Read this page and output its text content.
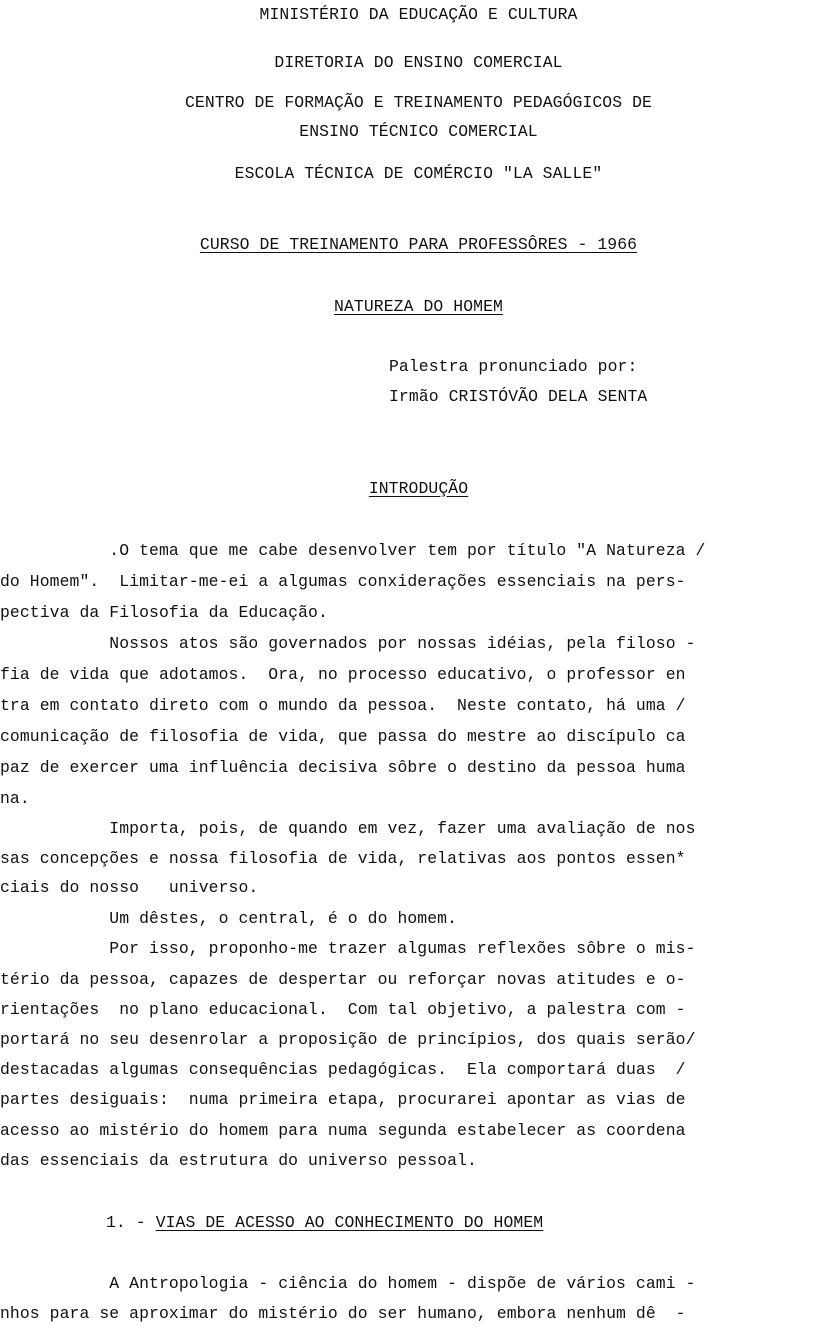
MINISTÉRIO DA EDUCAÇÃO E CULTURA
DIRETORIA DO ENSINO COMERCIAL
CENTRO DE FORMAÇÃO E TREINAMENTO PEDAGÓGICOS DE
ENSINO TÉCNICO COMERCIAL
ESCOLA TÉCNICA DE COMÉRCIO "LA SALLE"
CURSO DE TREINAMENTO PARA PROFESSÔRES - 1966
NATUREZA DO HOMEM
Palestra pronunciado por:
Irmão CRISTÓVÃO DELA SENTA
INTRODUÇÃO
.O tema que me cabe desenvolver tem por título "A Natureza /
do Homem".  Limitar-me-ei a algumas conxiderações essenciais na pers-
pectiva da Filosofia da Educação.
Nossos atos são governados por nossas idéias, pela filoso -
fia de vida que adotamos.  Ora, no processo educativo, o professor en
tra em contato direto com o mundo da pessoa.  Neste contato, há uma /
comunicação de filosofia de vida, que passa do mestre ao discípulo ca
paz de exercer uma influência decisiva sôbre o destino da pessoa huma
na.
Importa, pois, de quando em vez, fazer uma avaliação de nos
sas concepções e nossa filosofia de vida, relativas aos pontos essen*
ciais do nosso   universo.
Um dêstes, o central, é o do homem.
Por isso, proponho-me trazer algumas reflexões sôbre o mis-
tério da pessoa, capazes de despertar ou reforçar novas atitudes e o-
rientações  no plano educacional.  Com tal objetivo, a palestra com -
portará no seu desenrolar a proposição de princípios, dos quais serão/
destacadas algumas consequências pedagógicas.  Ela comportará duas  /
partes desiguais:  numa primeira etapa, procurarei apontar as vias de
acesso ao mistério do homem para numa segunda estabelecer as coordena
das essenciais da estrutura do universo pessoal.
1. - VIAS DE ACESSO AO CONHECIMENTO DO HOMEM
A Antropologia - ciência do homem - dispõe de vários cami -
nhos para se aproximar do mistério do ser humano, embora nenhum dê  -
